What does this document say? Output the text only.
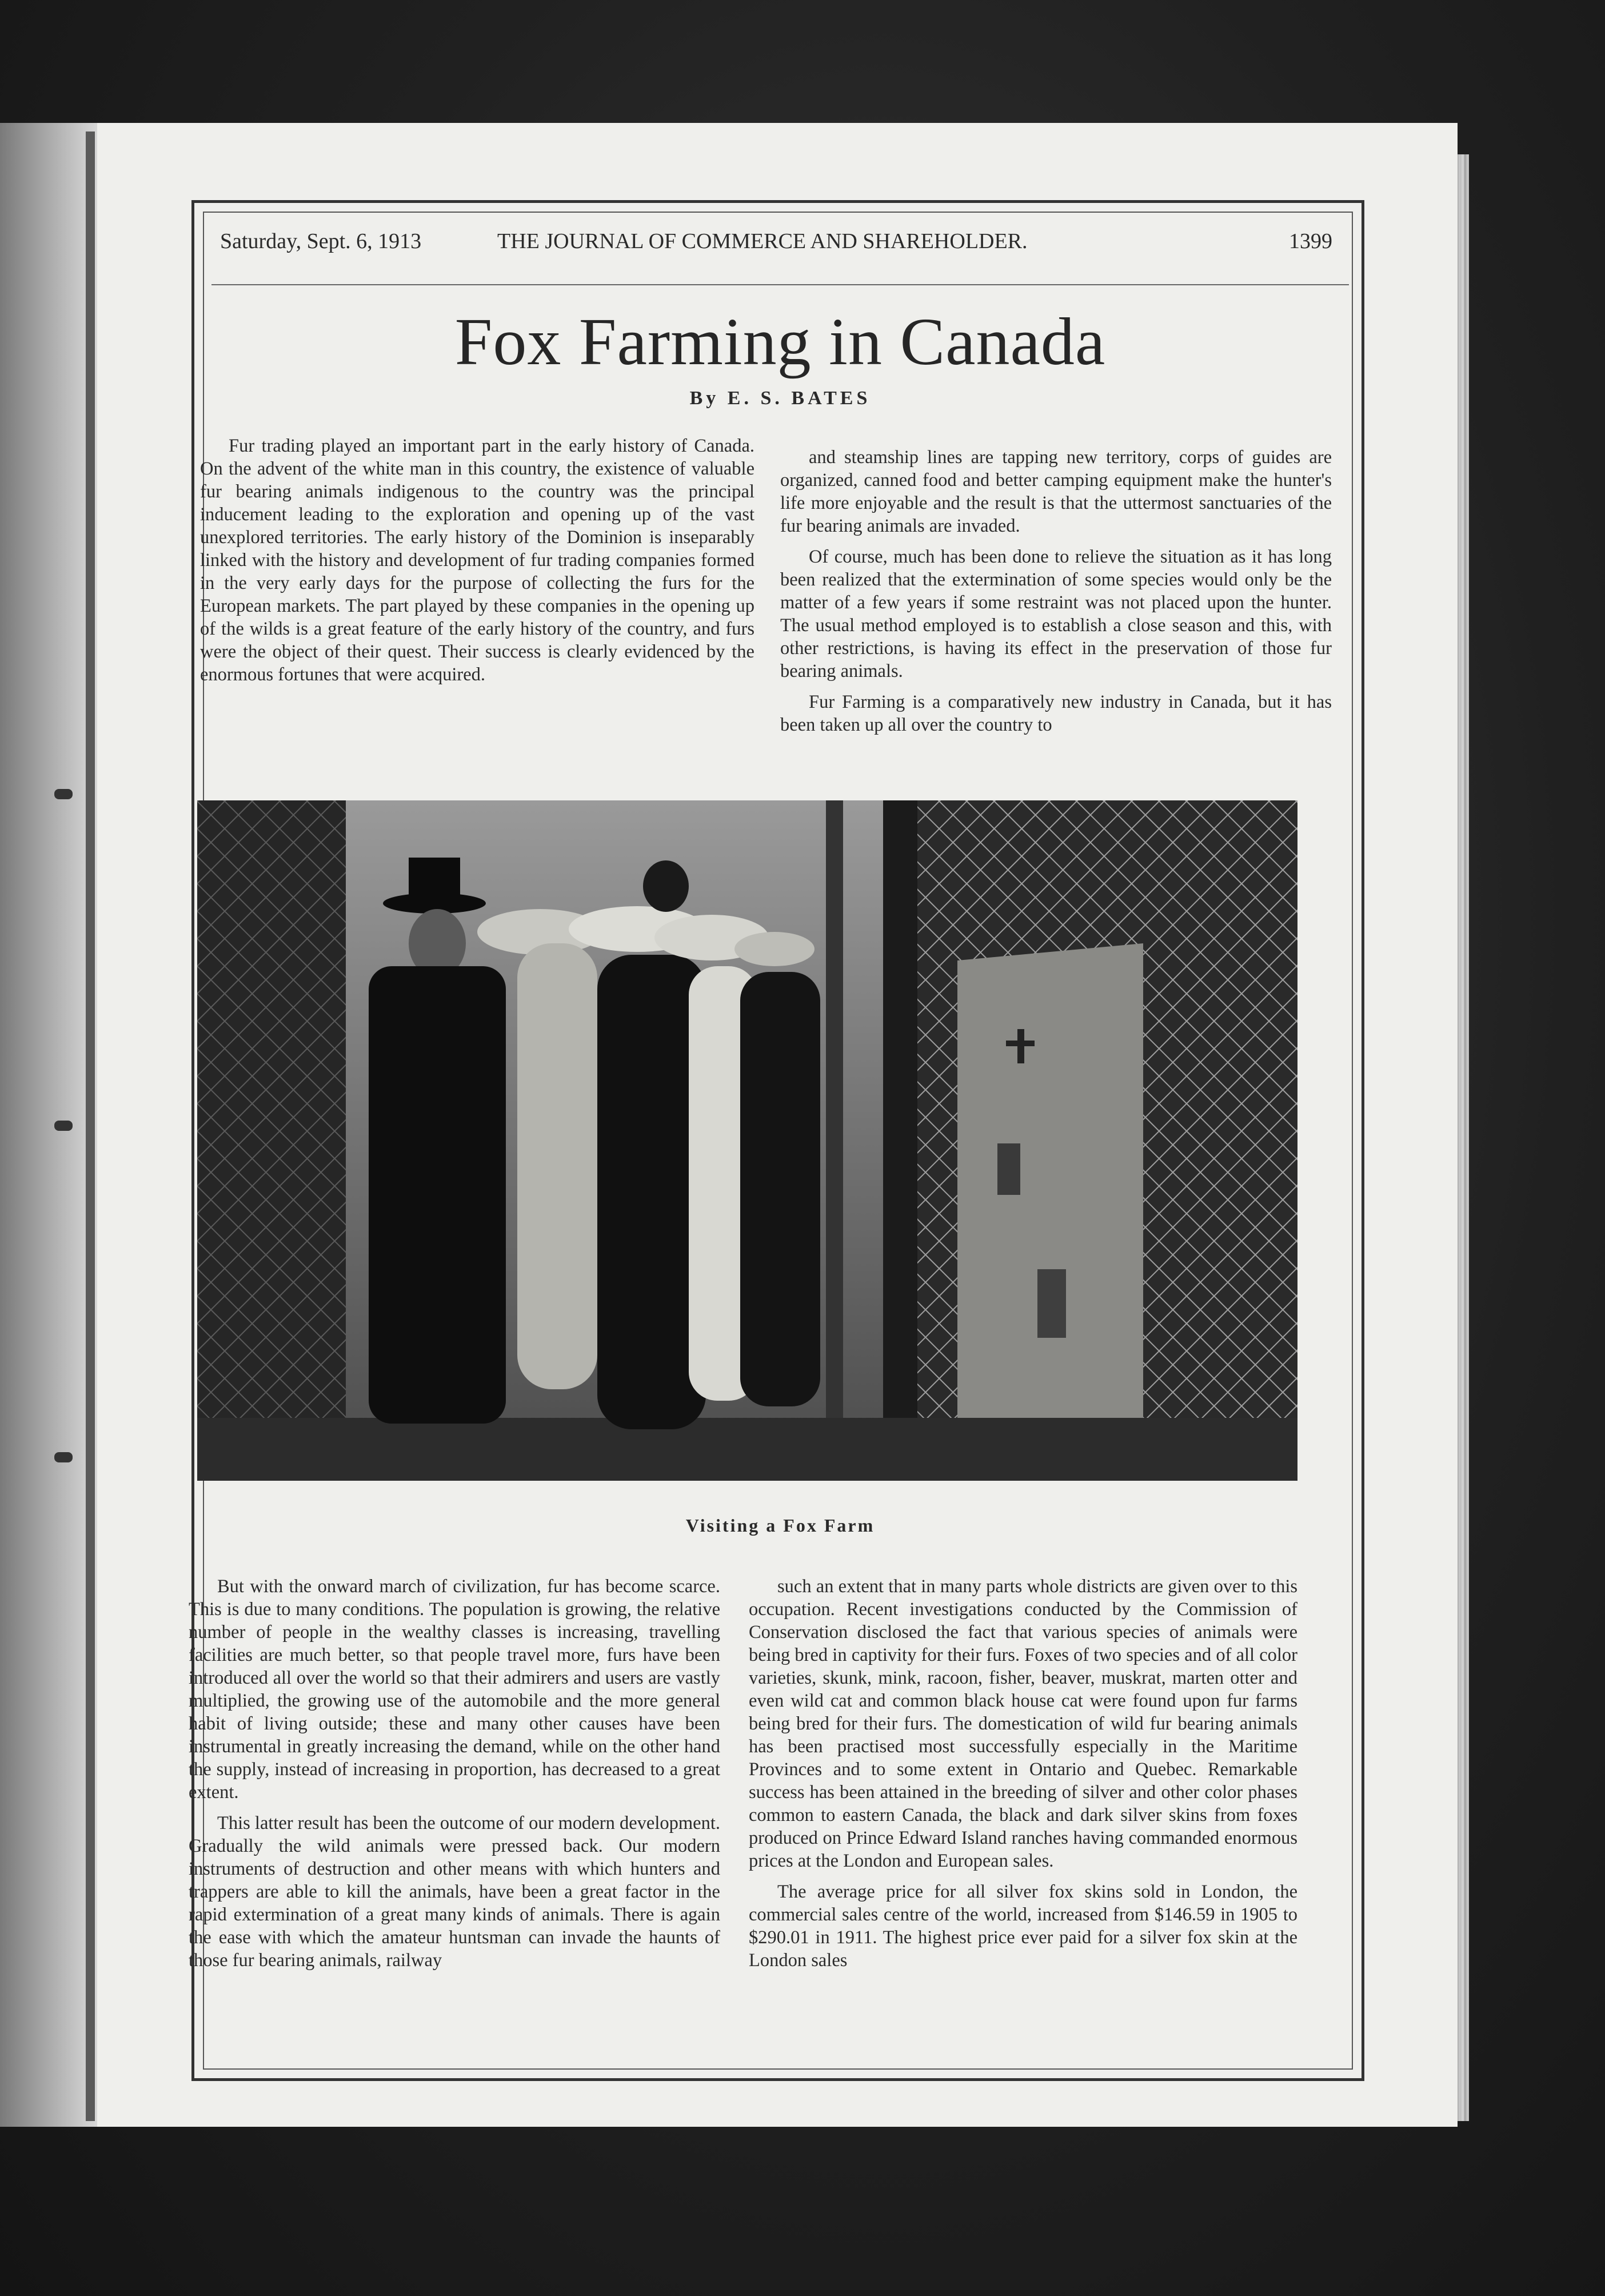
Saturday, Sept. 6, 1913	THE JOURNAL OF COMMERCE AND SHAREHOLDER.	1399
Fox Farming in Canada
By E. S. BATES

Fur trading played an important part in the early history of Canada. On the advent of the white man in this country, the existence of valuable fur bearing animals indigenous to the country was the principal inducement leading to the exploration and opening up of the vast unexplored territories. The early history of the Dominion is inseparably linked with the history and development of fur trading companies formed in the very early days for the purpose of collecting the furs for the European markets. The part played by these companies in the opening up of the wilds is a great feature of the early history of the country, and furs were the object of their quest. Their success is clearly evidenced by the enormous fortunes that were acquired.

and steamship lines are tapping new territory, corps of guides are organized, canned food and better camping equipment make the hunter's life more enjoyable and the result is that the uttermost sanctuaries of the fur bearing animals are invaded.

Of course, much has been done to relieve the situation as it has long been realized that the extermination of some species would only be the matter of a few years if some restraint was not placed upon the hunter. The usual method employed is to establish a close season and this, with other restrictions, is having its effect in the preservation of those fur bearing animals.

Fur Farming is a comparatively new industry in Canada, but it has been taken up all over the country to

Visiting a Fox Farm

But with the onward march of civilization, fur has become scarce. This is due to many conditions. The population is growing, the relative number of people in the wealthy classes is increasing, travelling facilities are much better, so that people travel more, furs have been introduced all over the world so that their admirers and users are vastly multiplied, the growing use of the automobile and the more general habit of living outside; these and many other causes have been instrumental in greatly increasing the demand, while on the other hand the supply, instead of increasing in proportion, has decreased to a great extent.

This latter result has been the outcome of our modern development. Gradually the wild animals were pressed back. Our modern instruments of destruction and other means with which hunters and trappers are able to kill the animals, have been a great factor in the rapid extermination of a great many kinds of animals. There is again the ease with which the amateur huntsman can invade the haunts of those fur bearing animals, railway

such an extent that in many parts whole districts are given over to this occupation. Recent investigations conducted by the Commission of Conservation disclosed the fact that various species of animals were being bred in captivity for their furs. Foxes of two species and of all color varieties, skunk, mink, racoon, fisher, beaver, muskrat, marten otter and even wild cat and common black house cat were found upon fur farms being bred for their furs. The domestication of wild fur bearing animals has been practised most successfully especially in the Maritime Provinces and to some extent in Ontario and Quebec. Remarkable success has been attained in the breeding of silver and other color phases common to eastern Canada, the black and dark silver skins from foxes produced on Prince Edward Island ranches having commanded enormous prices at the London and European sales.

The average price for all silver fox skins sold in London, the commercial sales centre of the world, increased from $146.59 in 1905 to $290.01 in 1911. The highest price ever paid for a silver fox skin at the London sales
